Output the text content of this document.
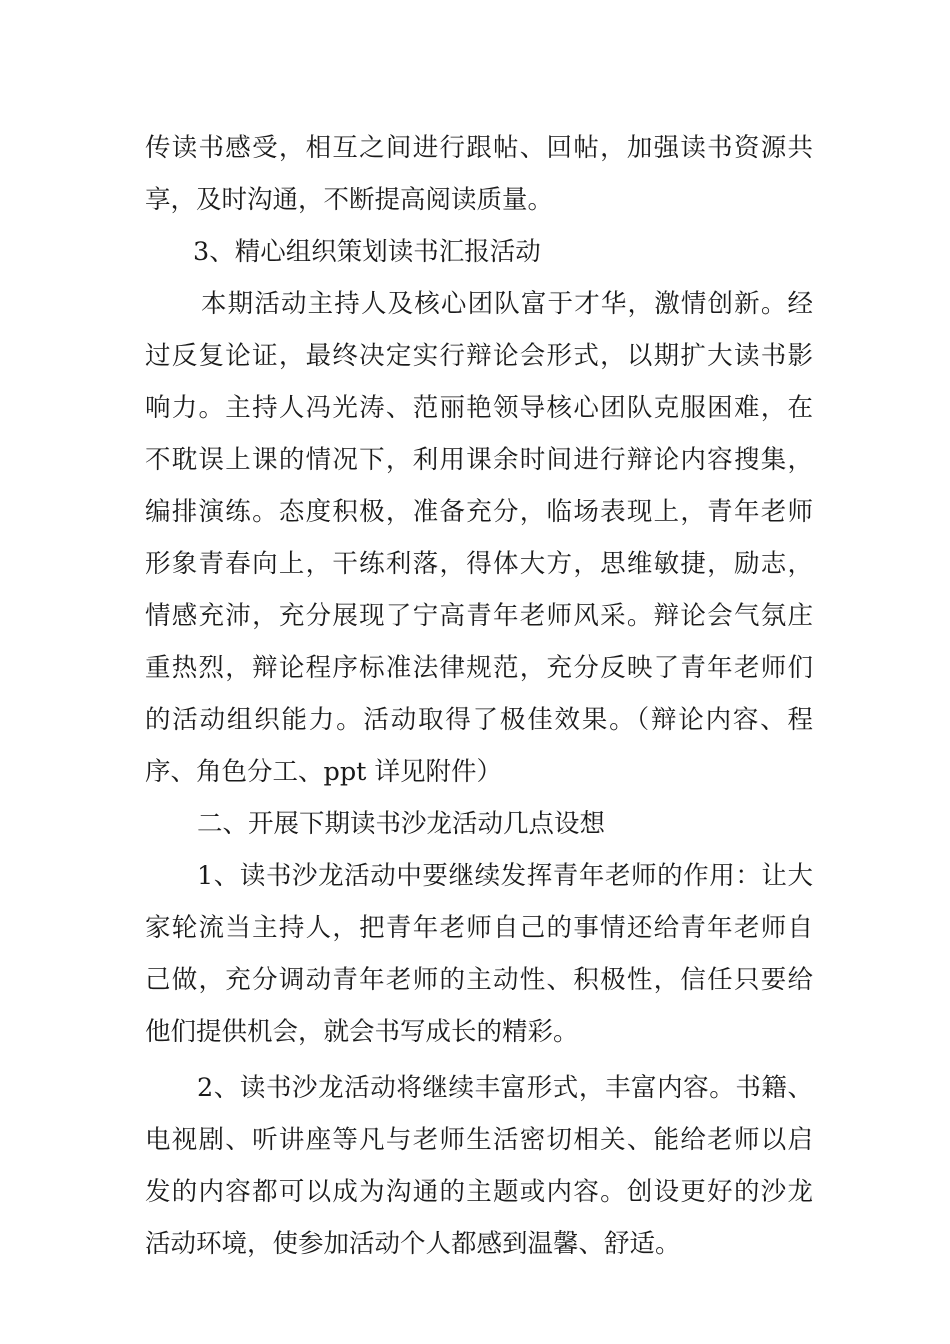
传读书感受，相互之间进行跟帖、回帖，加强读书资源共
享，及时沟通，不断提高阅读质量。
3、精心组织策划读书汇报活动
本期活动主持人及核心团队富于才华，激情创新。经
过反复论证，最终决定实行辩论会形式，以期扩大读书影
响力。主持人冯光涛、范丽艳领导核心团队克服困难，在
不耽误上课的情况下，利用课余时间进行辩论内容搜集，
编排演练。态度积极，准备充分，临场表现上，青年老师
形象青春向上，干练利落，得体大方，思维敏捷，励志，
情感充沛，充分展现了宁高青年老师风采。辩论会气氛庄
重热烈，辩论程序标准法律规范，充分反映了青年老师们
的活动组织能力。活动取得了极佳效果。（辩论内容、程
序、角色分工、ppt 详见附件）
二、开展下期读书沙龙活动几点设想
1、读书沙龙活动中要继续发挥青年老师的作用：让大
家轮流当主持人，把青年老师自己的事情还给青年老师自
己做，充分调动青年老师的主动性、积极性，信任只要给
他们提供机会，就会书写成长的精彩。
2、读书沙龙活动将继续丰富形式，丰富内容。书籍、
电视剧、听讲座等凡与老师生活密切相关、能给老师以启
发的内容都可以成为沟通的主题或内容。创设更好的沙龙
活动环境，使参加活动个人都感到温馨、舒适。
